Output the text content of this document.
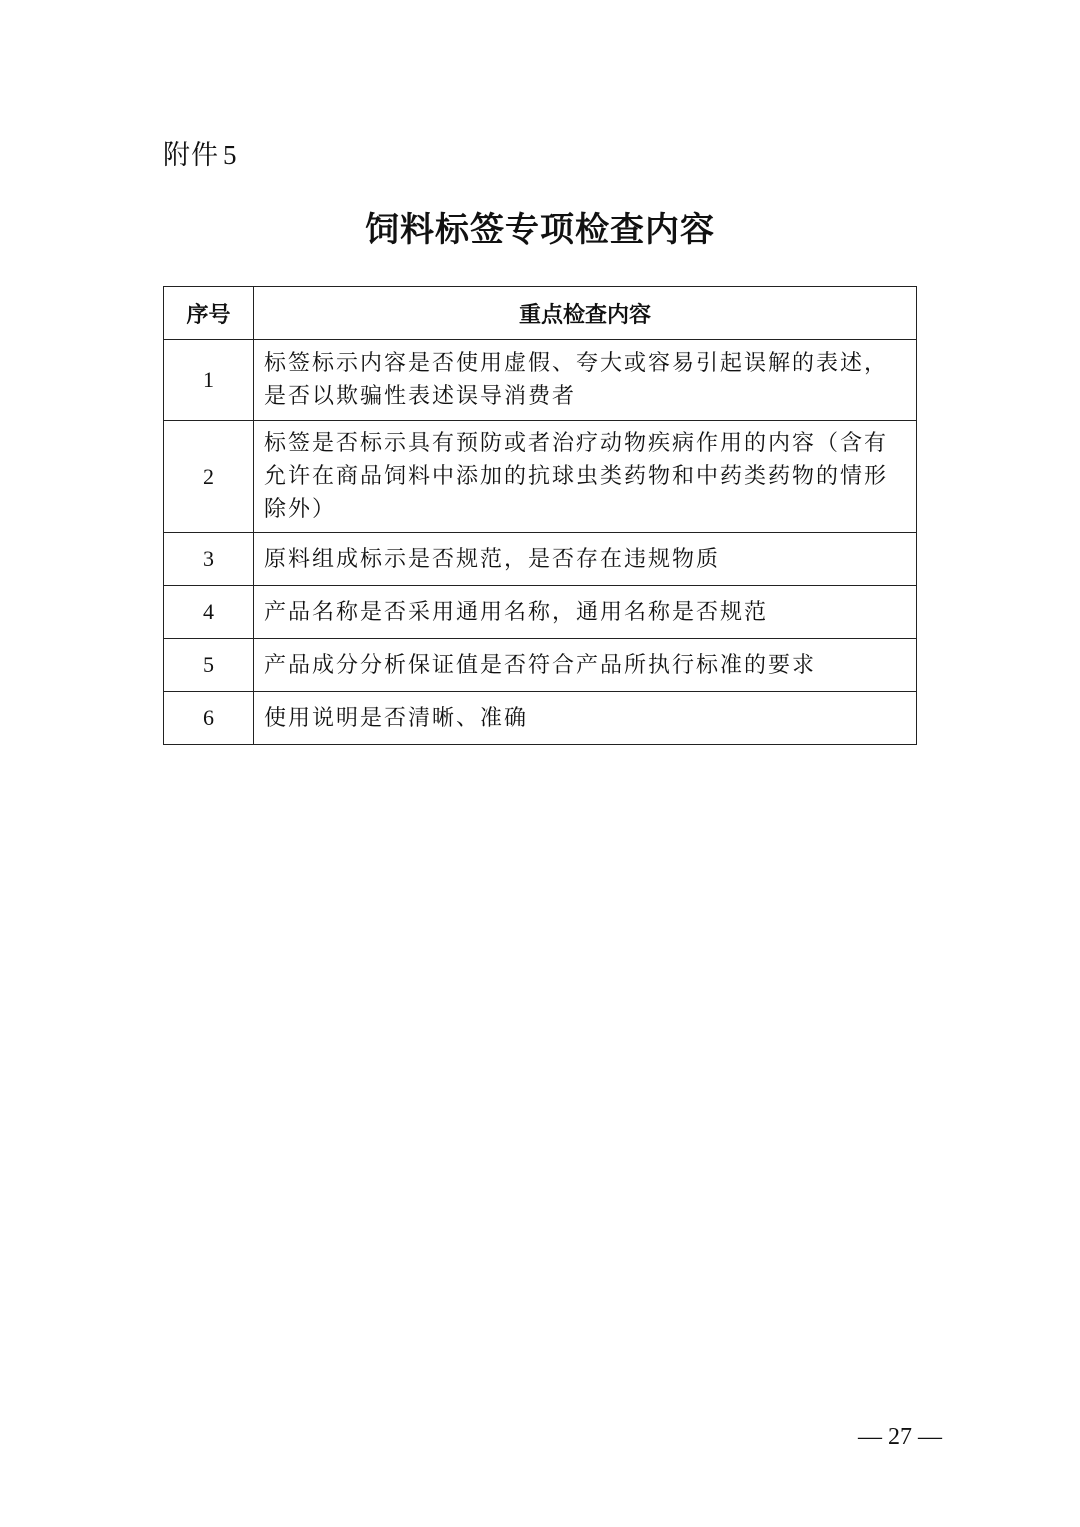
附件 5
饲料标签专项检查内容
序号	重点检查内容
1	标签标示内容是否使用虚假、夸大或容易引起误解的表述，是否以欺骗性表述误导消费者
2	标签是否标示具有预防或者治疗动物疾病作用的内容（含有允许在商品饲料中添加的抗球虫类药物和中药类药物的情形除外）
3	原料组成标示是否规范，是否存在违规物质
4	产品名称是否采用通用名称，通用名称是否规范
5	产品成分分析保证值是否符合产品所执行标准的要求
6	使用说明是否清晰、准确
— 27 —
